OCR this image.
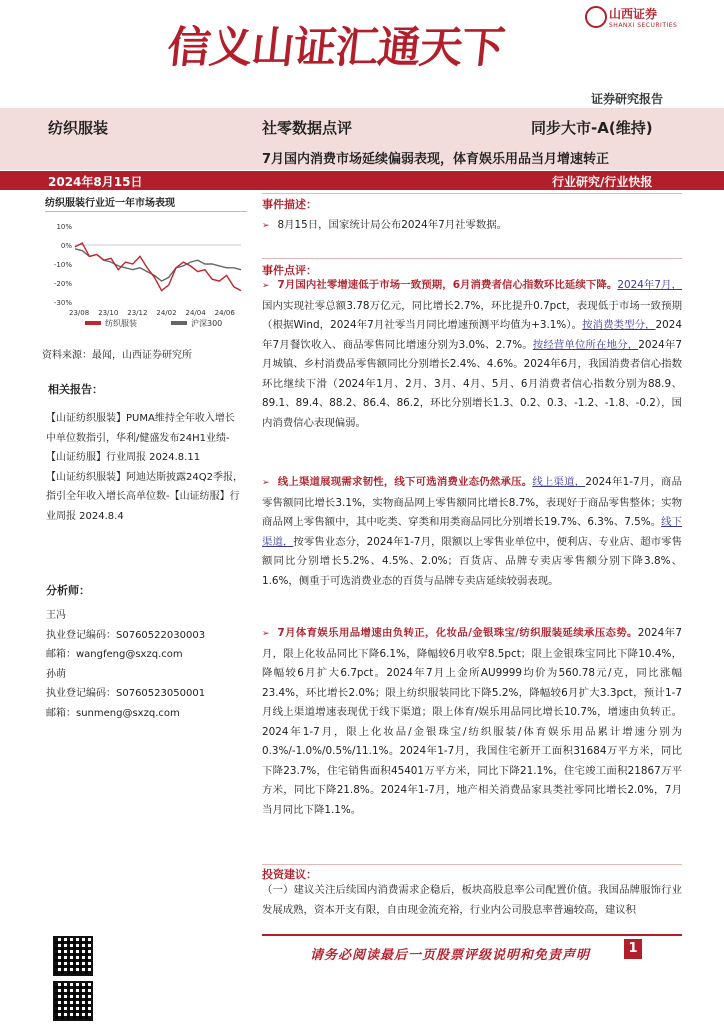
信义山证汇通天下
山西证券
SHANXI SECURITIES
证券研究报告
纺织服装	社零数据点评	同步大市-A(维持)
7月国内消费市场延续偏弱表现，体育娱乐用品当月增速转正
2024年8月15日	行业研究/行业快报
纺织服装行业近一年市场表现
10%
0%
-10%
-20%
-30%
23/08 23/10 23/12 24/02 24/04 24/06
纺织服装	沪深300
资料来源：最闻，山西证券研究所
相关报告：
【山证纺织服装】PUMA维持全年收入增长中单位数指引，华利/健盛发布24H1业绩-【山证纺服】行业周报 2024.8.11
【山证纺织服装】阿迪达斯披露24Q2季报，指引全年收入增长高单位数-【山证纺服】行业周报 2024.8.4
分析师：
王冯
执业登记编码：S0760522030003
邮箱：wangfeng@sxzq.com
孙萌
执业登记编码：S0760523050001
邮箱：sunmeng@sxzq.com
事件描述：
➢ 8月15日，国家统计局公布2024年7月社零数据。
事件点评：
➢ 7月国内社零增速低于市场一致预期，6月消费者信心指数环比延续下降。2024年7月，国内实现社零总额3.78万亿元，同比增长2.7%，环比提升0.7pct，表现低于市场一致预期（根据Wind，2024年7月社零当月同比增速预测平均值为+3.1%）。按消费类型分，2024年7月餐饮收入、商品零售同比增速分别为3.0%、2.7%。按经营单位所在地分，2024年7月城镇、乡村消费品零售额同比分别增长2.4%、4.6%。2024年6月，我国消费者信心指数环比继续下滑（2024年1月、2月、3月、4月、5月、6月消费者信心指数分别为88.9、89.1、89.4、88.2、86.4、86.2，环比分别增长1.3、0.2、0.3、-1.2、-1.8、-0.2），国内消费信心表现偏弱。
➢ 线上渠道展现需求韧性，线下可选消费业态仍然承压。线上渠道，2024年1-7月，商品零售额同比增长3.1%，实物商品网上零售额同比增长8.7%，表现好于商品零售整体；实物商品网上零售额中，其中吃类、穿类和用类商品同比分别增长19.7%、6.3%、7.5%。线下渠道，按零售业态分，2024年1-7月，限额以上零售业单位中，便利店、专业店、超市零售额同比分别增长5.2%、4.5%、2.0%；百货店、品牌专卖店零售额分别下降3.8%、1.6%，侧重于可选消费业态的百货与品牌专卖店延续较弱表现。
➢ 7月体育娱乐用品增速由负转正，化妆品/金银珠宝/纺织服装延续承压态势。2024年7月，限上化妆品同比下降6.1%，降幅较6月收窄8.5pct；限上金银珠宝同比下降10.4%，降幅较6月扩大6.7pct。2024年7月上金所AU9999均价为560.78元/克，同比涨幅23.4%，环比增长2.0%；限上纺织服装同比下降5.2%，降幅较6月扩大3.3pct，预计1-7月线上渠道增速表现优于线下渠道；限上体育/娱乐用品同比增长10.7%，增速由负转正。2024年1-7月，限上化妆品/金银珠宝/纺织服装/体育娱乐用品累计增速分别为0.3%/-1.0%/0.5%/11.1%。2024年1-7月，我国住宅新开工面积31684万平方米，同比下降23.7%，住宅销售面积45401万平方米，同比下降21.1%，住宅竣工面积21867万平方米，同比下降21.8%。2024年1-7月，地产相关消费品家具类社零同比增长2.0%，7月当月同比下降1.1%。
投资建议：
（一）建议关注后续国内消费需求企稳后，板块高股息率公司配置价值。我国品牌服饰行业发展成熟，资本开支有限，自由现金流充裕，行业内公司股息率普遍较高，建议积
请务必阅读最后一页股票评级说明和免责声明	1
